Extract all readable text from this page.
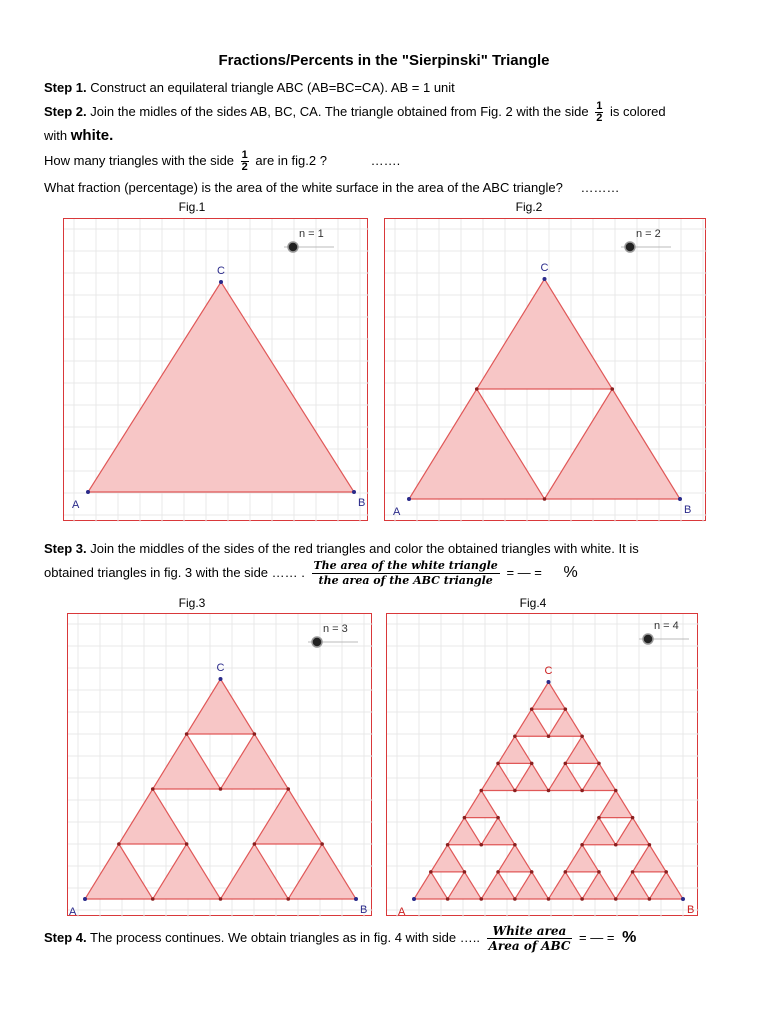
Fractions/Percents in the "Sierpinski" Triangle
Step 1. Construct an equilateral triangle ABC (AB=BC=CA). AB = 1 unit
Step 2. Join the midles of the sides AB, BC, CA. The triangle obtained from Fig. 2 with the side $\frac{1}{2}$ is colored
with white.
How many triangles with the side $\frac{1}{2}$ are in fig.2 ?	…….
What fraction (percentage) is the area of the white surface in the area of the ABC triangle? ………
Fig.1	Fig.2
A	B
C
n = 1
A	B
C
n = 2
Step 3. Join the middles of the sides of the red triangles and color the obtained triangles with white. It is
obtained triangles in fig. 3 with the side …… . $\frac{\text{The area of the white triangle}}{\text{the area of the ABC triangle}}$ = — = %
Fig.3	Fig.4
A	B
C
n = 3
A	B
C
n = 4
Step 4. The process continues. We obtain triangles as in fig. 4 with side ….. $\frac{\text{White area}}{\text{Area of ABC}}$ = — = %
